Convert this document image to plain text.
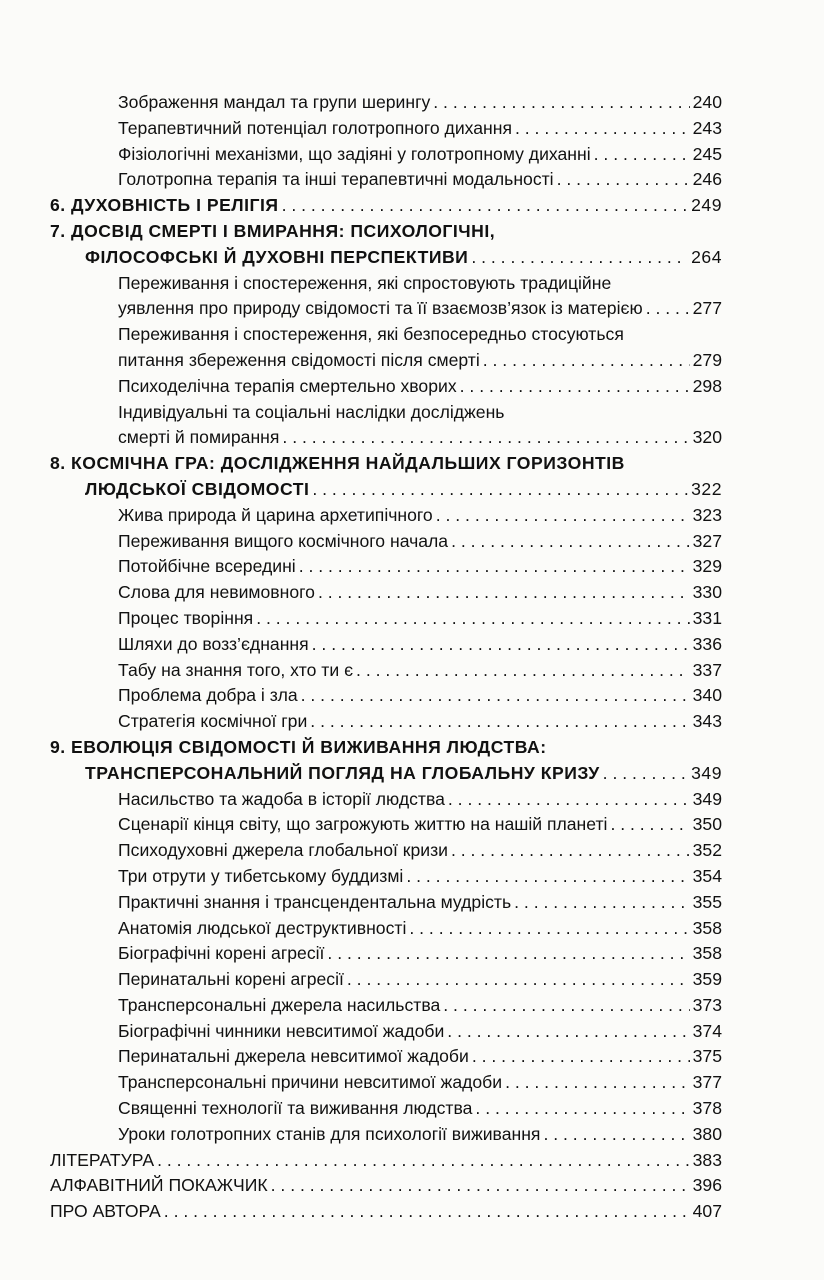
Зображення мандал та групи шерингу . . .	240
Терапевтичний потенціал голотропного дихання . . .	243
Фізіологічні механізми, що задіяні у голотропному диханні . . .	245
Голотропна терапія та інші терапевтичні модальності . . .	246
6. ДУХОВНІСТЬ І РЕЛІГІЯ . . .	249
7. ДОСВІД СМЕРТІ І ВМИРАННЯ: ПСИХОЛОГІЧНІ,
ФІЛОСОФСЬКІ Й ДУХОВНІ ПЕРСПЕКТИВИ . . .	264
Переживання і спостереження, які спростовують традиційне
уявлення про природу свідомості та її взаємозв’язок із матерією . . .	277
Переживання і спостереження, які безпосередньо стосуються
питання збереження свідомості після смерті . . .	279
Психоделічна терапія смертельно хворих . . .	298
Індивідуальні та соціальні наслідки досліджень
смерті й помирання . . .	320
8. КОСМІЧНА ГРА: ДОСЛІДЖЕННЯ НАЙДАЛЬШИХ ГОРИЗОНТІВ
ЛЮДСЬКОЇ СВІДОМОСТІ . . .	322
Жива природа й царина архетипічного . . .	323
Переживання вищого космічного начала . . .	327
Потойбічне всередині . . .	329
Слова для невимовного . . .	330
Процес творіння . . .	331
Шляхи до возз’єднання . . .	336
Табу на знання того, хто ти є . . .	337
Проблема добра і зла . . .	340
Стратегія космічної гри . . .	343
9. ЕВОЛЮЦІЯ СВІДОМОСТІ Й ВИЖИВАННЯ ЛЮДСТВА:
ТРАНСПЕРСОНАЛЬНИЙ ПОГЛЯД НА ГЛОБАЛЬНУ КРИЗУ . . .	349
Насильство та жадоба в історії людства . . .	349
Сценарії кінця світу, що загрожують життю на нашій планеті . . .	350
Психодуховні джерела глобальної кризи . . .	352
Три отрути у тибетському буддизмі . . .	354
Практичні знання і трансцендентальна мудрість . . .	355
Анатомія людської деструктивності . . .	358
Біографічні корені агресії . . .	358
Перинатальні корені агресії . . .	359
Трансперсональні джерела насильства . . .	373
Біографічні чинники невситимої жадоби . . .	374
Перинатальні джерела невситимої жадоби . . .	375
Трансперсональні причини невситимої жадоби . . .	377
Священні технології та виживання людства . . .	378
Уроки голотропних станів для психології виживання . . .	380
ЛІТЕРАТУРА . . .	383
АЛФАВІТНИЙ ПОКАЖЧИК . . .	396
ПРО АВТОРА . . .	407
